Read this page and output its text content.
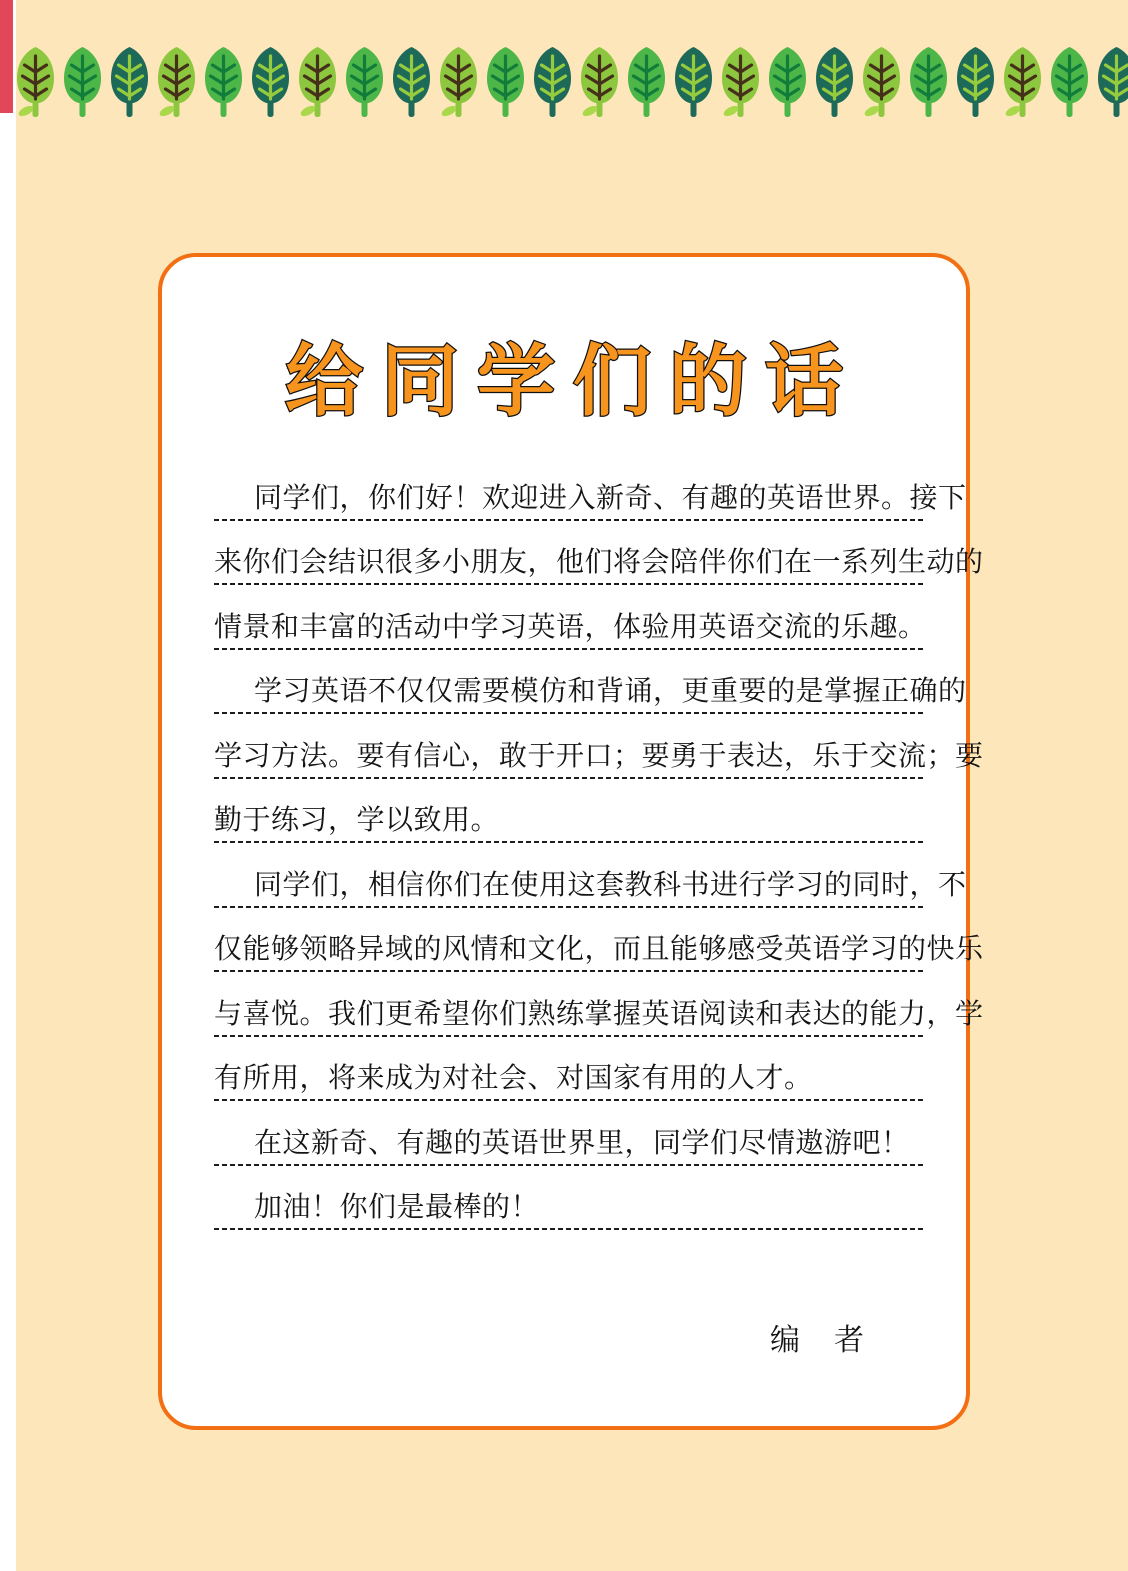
给同学们的话
同学们，你们好！欢迎进入新奇、有趣的英语世界。接下
来你们会结识很多小朋友，他们将会陪伴你们在一系列生动的
情景和丰富的活动中学习英语，体验用英语交流的乐趣。
学习英语不仅仅需要模仿和背诵，更重要的是掌握正确的
学习方法。要有信心，敢于开口；要勇于表达，乐于交流；要
勤于练习，学以致用。
同学们，相信你们在使用这套教科书进行学习的同时，不
仅能够领略异域的风情和文化，而且能够感受英语学习的快乐
与喜悦。我们更希望你们熟练掌握英语阅读和表达的能力，学
有所用，将来成为对社会、对国家有用的人才。
在这新奇、有趣的英语世界里，同学们尽情遨游吧！
加油！你们是最棒的！
编　者
